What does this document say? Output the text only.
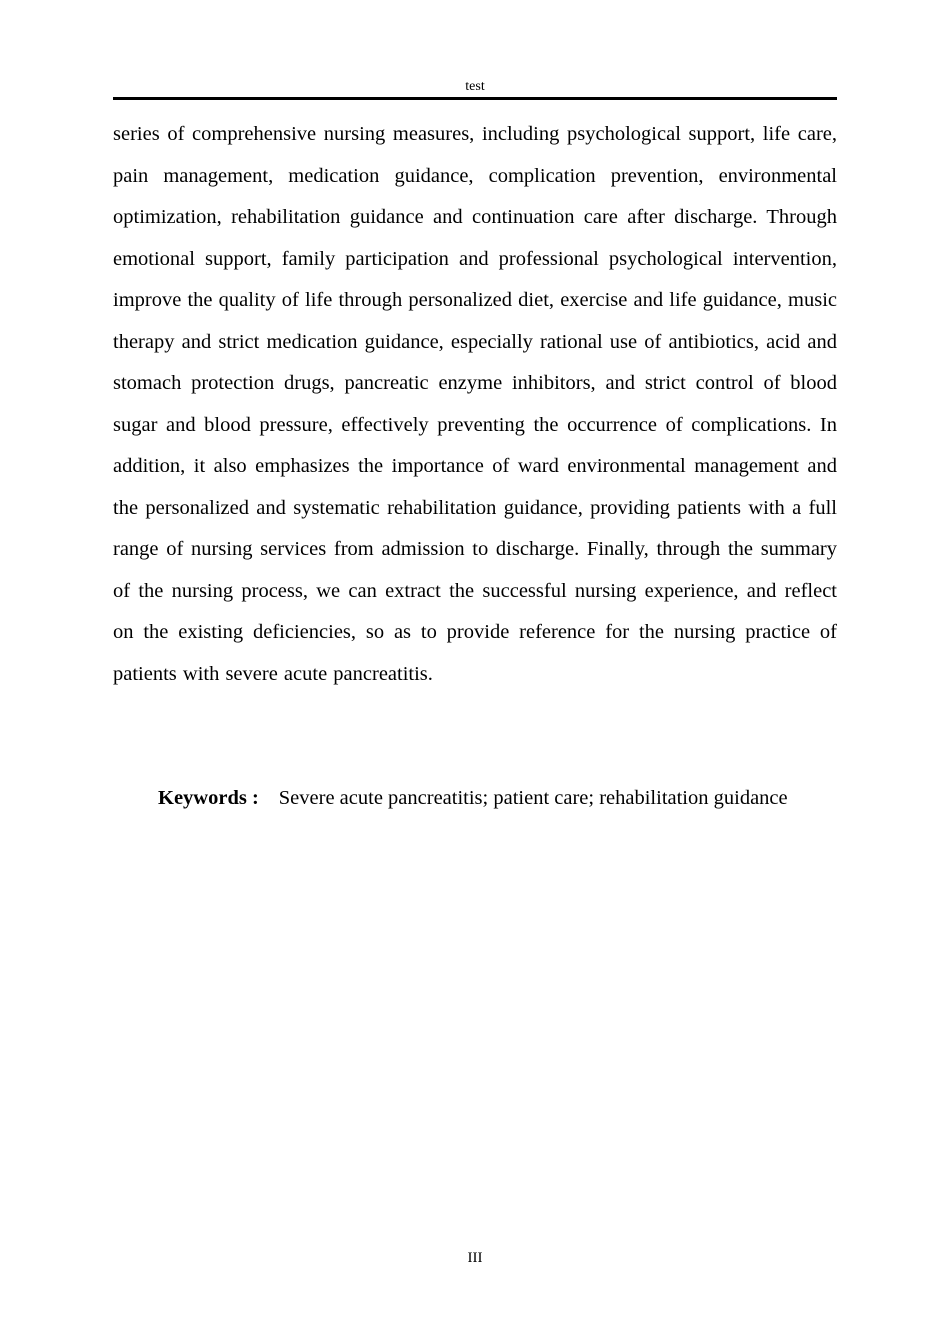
test

series of comprehensive nursing measures, including psychological support, life care, pain management, medication guidance, complication prevention, environmental optimization, rehabilitation guidance and continuation care after discharge. Through emotional support, family participation and professional psychological intervention, improve the quality of life through personalized diet, exercise and life guidance, music therapy and strict medication guidance, especially rational use of antibiotics, acid and stomach protection drugs, pancreatic enzyme inhibitors, and strict control of blood sugar and blood pressure, effectively preventing the occurrence of complications. In addition, it also emphasizes the importance of ward environmental management and the personalized and systematic rehabilitation guidance, providing patients with a full range of nursing services from admission to discharge. Finally, through the summary of the nursing process, we can extract the successful nursing experience, and reflect on the existing deficiencies, so as to provide reference for the nursing practice of patients with severe acute pancreatitis.

Keywords : Severe acute pancreatitis; patient care; rehabilitation guidance

III
